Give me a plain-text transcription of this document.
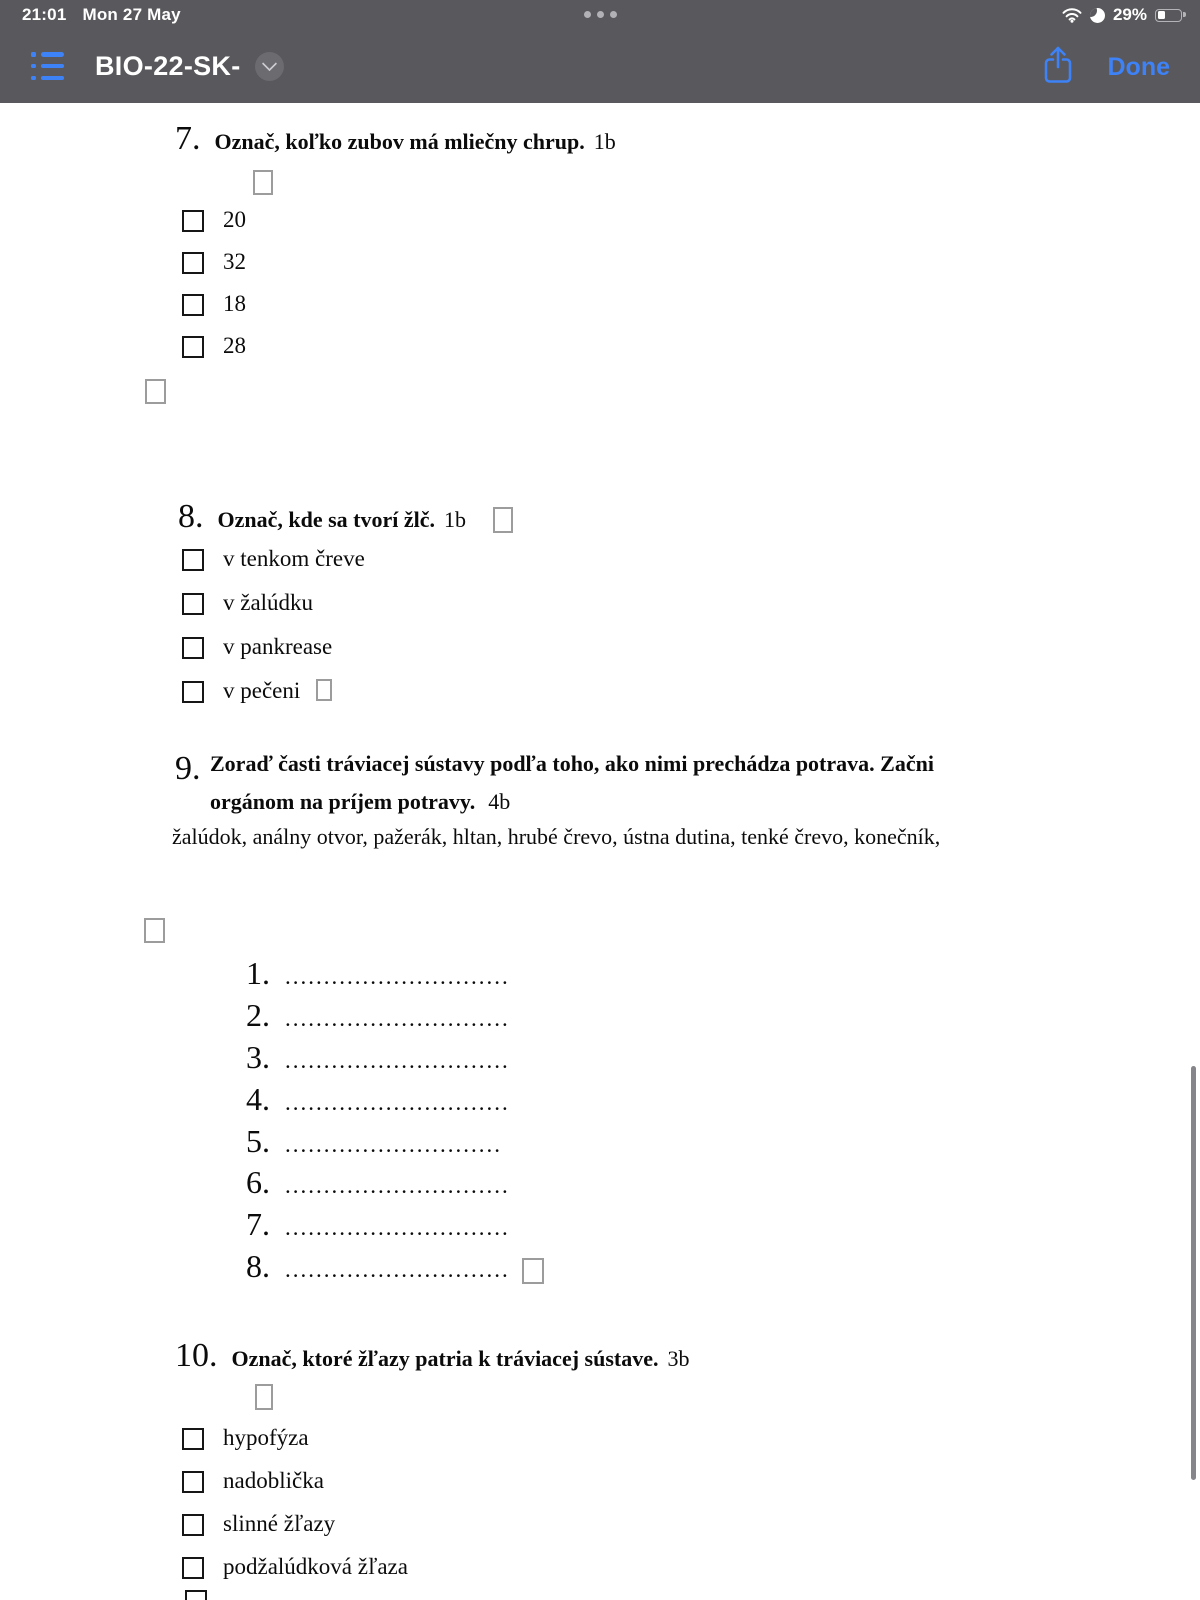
21:01 Mon 27 May	29%
BIO-22-SK-	Done
7. Označ, koľko zubov má mliečny chrup. 1b
20
32
18
28
8. Označ, kde sa tvorí žlč. 1b
v tenkom čreve
v žalúdku
v pankrease
v pečeni
9. Zoraď časti tráviacej sústavy podľa toho, ako nimi prechádza potrava. Začni
orgánom na príjem potravy. 4b
žalúdok, análny otvor, pažerák, hltan, hrubé črevo, ústna dutina, tenké črevo, konečník,
1. .............................
2. .............................
3. .............................
4. .............................
5. ............................
6. .............................
7. .............................
8. .............................
10. Označ, ktoré žľazy patria k tráviacej sústave. 3b
hypofýza
nadoblička
slinné žľazy
podžalúdková žľaza
